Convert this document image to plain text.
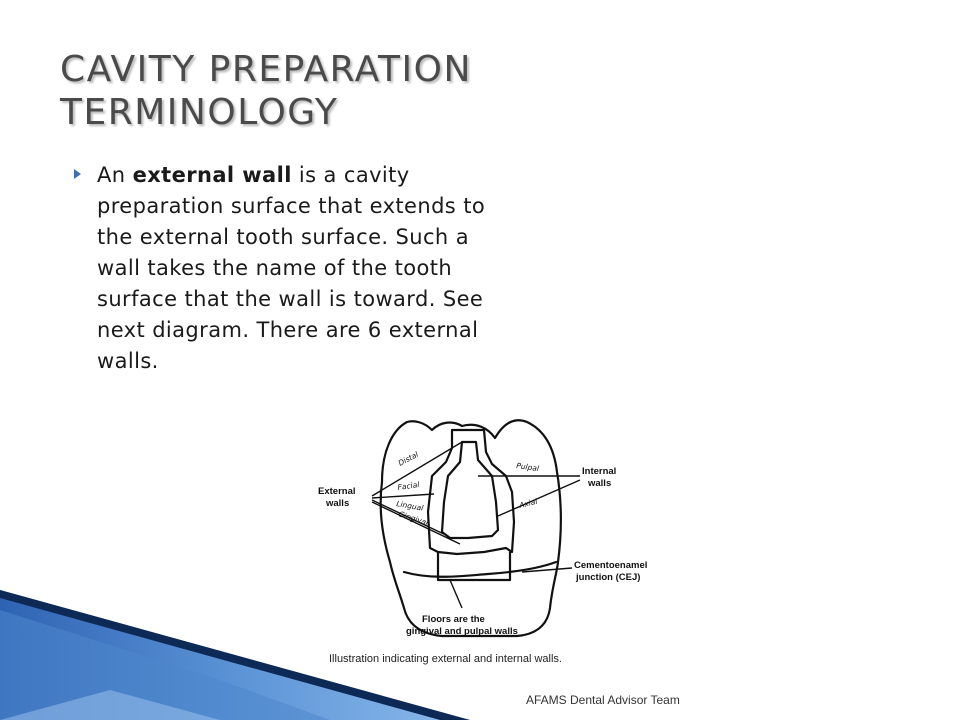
CAVITY PREPARATION
TERMINOLOGY
An external wall is a cavity preparation surface that extends to the external tooth surface. Such a wall takes the name of the tooth surface that the wall is toward. See next diagram. There are 6 external walls.
External
walls
Internal
walls
Cementoenamel
junction (CEJ)
Floors are the
gingival and pulpal walls
Distal
Facial
Lingual
Gingival
Pulpal
Axial
Illustration indicating external and internal walls.
AFAMS Dental Advisor Team
